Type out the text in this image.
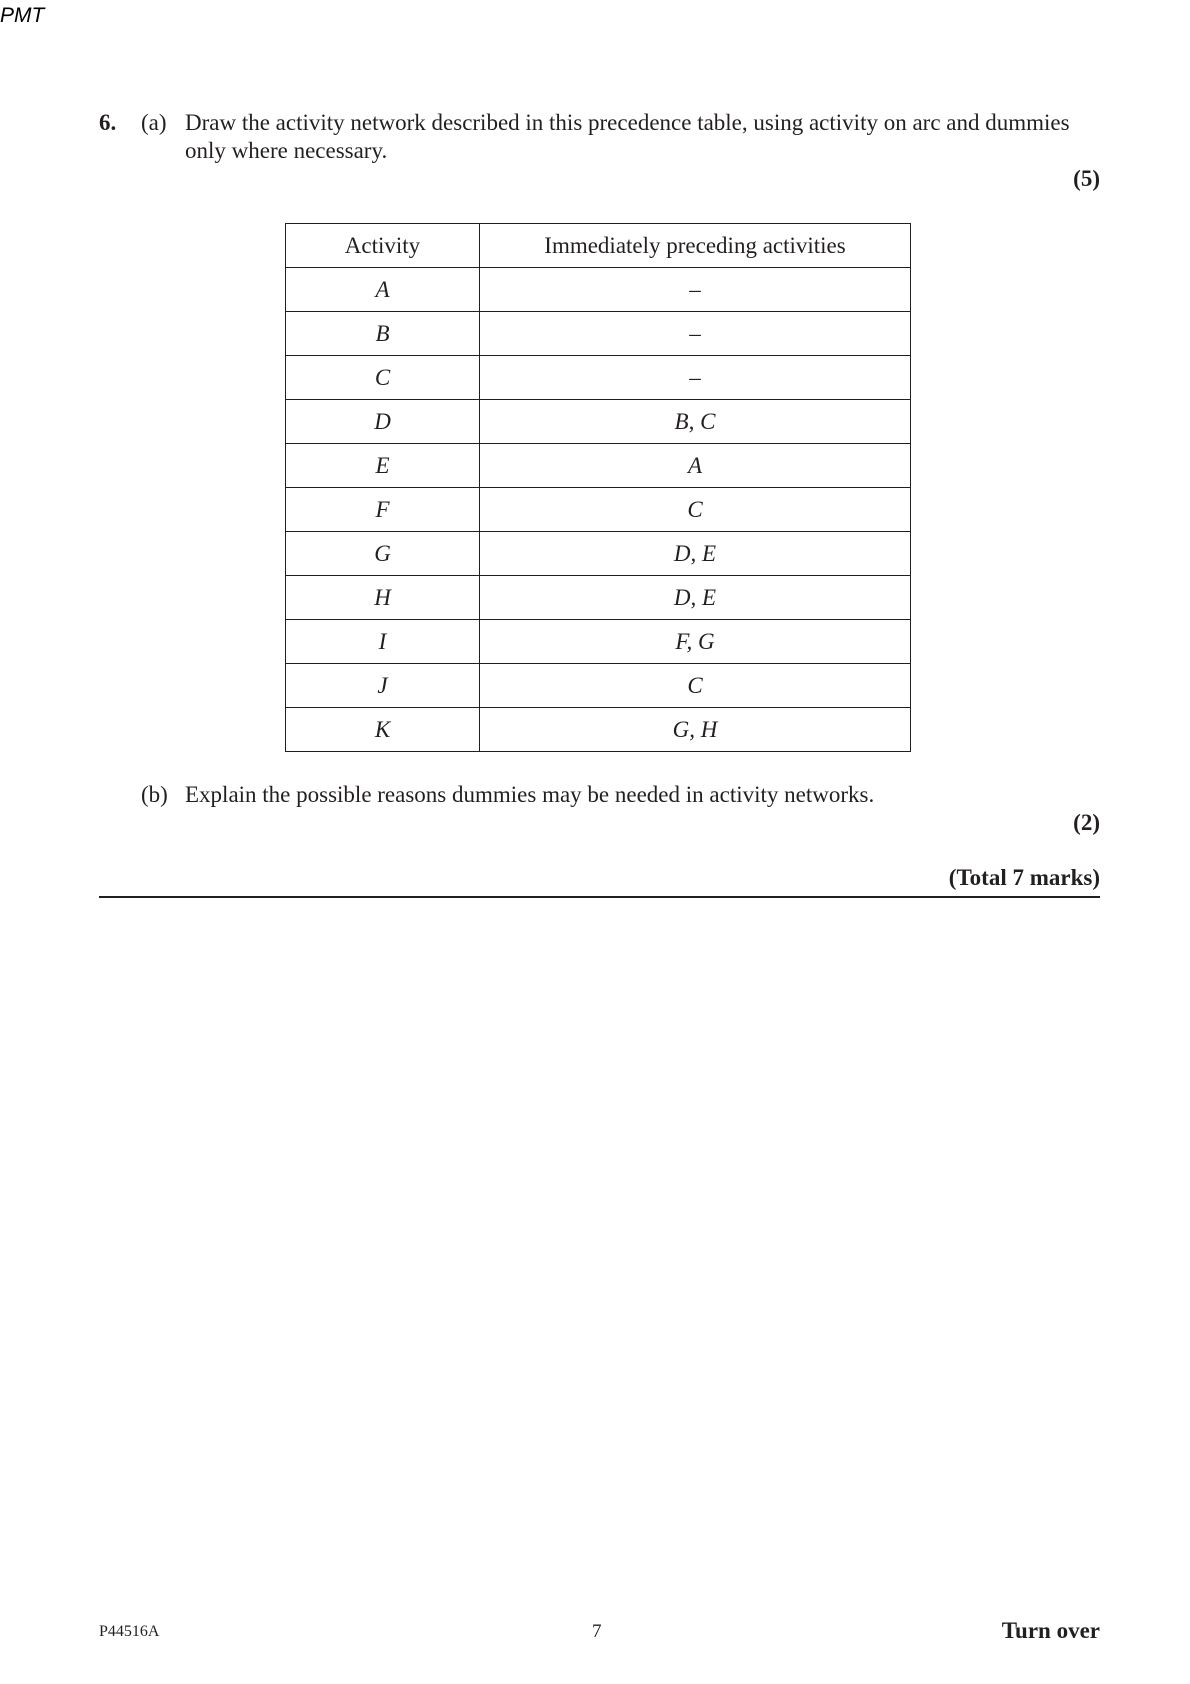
PMT
6. (a) Draw the activity network described in this precedence table, using activity on arc and dummies only where necessary.
(5)
Activity	Immediately preceding activities
A	–
B	–
C	–
D	B, C
E	A
F	C
G	D, E
H	D, E
I	F, G
J	C
K	G, H
(b) Explain the possible reasons dummies may be needed in activity networks.
(2)
(Total 7 marks)
P44516A	7	Turn over
